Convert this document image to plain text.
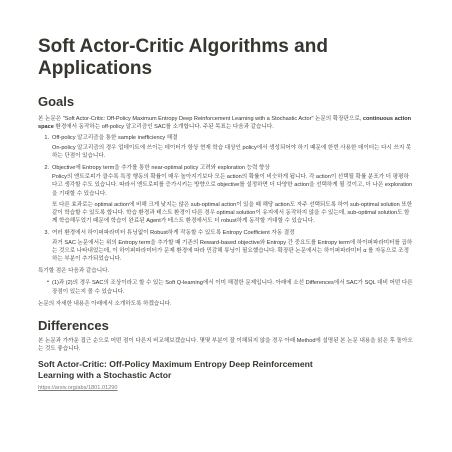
Soft Actor-Critic Algorithms and
Applications
Goals

본 논문은 "Soft Actor-Critic: Off-Policy Maximum Entropy Deep Reinforcement Learning with a Stochastic Actor" 논문의 확장판으로, continuous action space 환경에서 동작하는 off-policy 알고리즘인 SAC를 소개합니다. 주된 목표는 다음과 같습니다.

1. Off-policy 알고리즘을 통한 sample inefficiency 해결

On-policy 알고리즘의 경우 업데이트에 쓰이는 데이터가 항상 현재 학습 대상인 policy에서 생성되어야 하기 때문에 한번 사용한 데이터는 다시 쓰지 못하는 단점이 있습니다.

2. Objective에 Entropy term을 추가를 통한 near-optimal policy 고려와 exploration 능력 향상

Policy의 엔트로피가 클수록 특정 행동의 확률이 매우 높아지기보다 모든 action의 확률이 비슷하게 됩니다. 각 action이 선택될 확률 분포가 더 평평하다고 생각할 수도 있습니다. 따라서 엔트로피를 증가시키는 방향으로 objective를 설정하면 더 다양한 action을 선택하게 될 것이고, 더 나은 exploration을 기대할 수 있습니다.

또 다른 효과로는 optimal action에 비해 크게 낮지는 않은 sub-optimal action이 있을 때 해당 action도 자주 선택되도록 하여 sub-optimal solution 또한 같이 학습할 수 있도록 합니다. 학습 환경과 테스트 환경이 다른 경우 optimal solution이 유지에서 동작하지 않을 수 있는데, sub-optimal solution도 함께 학습해두었기 때문에 학습이 완료된 Agent가 테스트 환경에서도 더 robust하게 동작할 거대할 수 있습니다.

3. 여러 환경에서 하이퍼파라미터 튜닝없이 Robust하게 작동할 수 있도록 Entropy Coefficient 자동 결정

과거 SAC 논문에서는 위의 Entropy term을 추가할 때 기존의 Reward-based objective와 Entropy 간 중요도를 Entropy term에 하이퍼파라미터를 곱하는 것으로 나타내었는데, 이 하이퍼파라미터가 문제 환경에 따라 민감해 튜닝이 필요했습니다. 확장판 논문에서는 하이퍼파라미터 α 를 자동으로 조정하는 부분이 추가되었습니다.

특기할 점은 다음과 같습니다.

• (1)과 (2)의 경우 SAC의 조상이라고 할 수 있는 Soft Q-learning에서 이미 해결한 문제입니다. 아래에 소선 Differences에서 SAC가 SQL 대비 어떤 다른 장점이 있는지 볼 수 있습니다.

논문의 자세한 내용은 아래에서 소개하도록 하겠습니다.

Differences

본 논문과 가까운 접근 순으로 어떤 점이 다른지 비교해보겠습니다. 몇몇 부분이 잘 이해되지 않을 경우 아래 Method에 설명된 본 논문 내용을 읽은 후 돌아오는 것도 좋습니다.

Soft Actor-Critic: Off-Policy Maximum Entropy Deep Reinforcement
Learning with a Stochastic Actor
https://arxiv.org/abs/1801.01290
